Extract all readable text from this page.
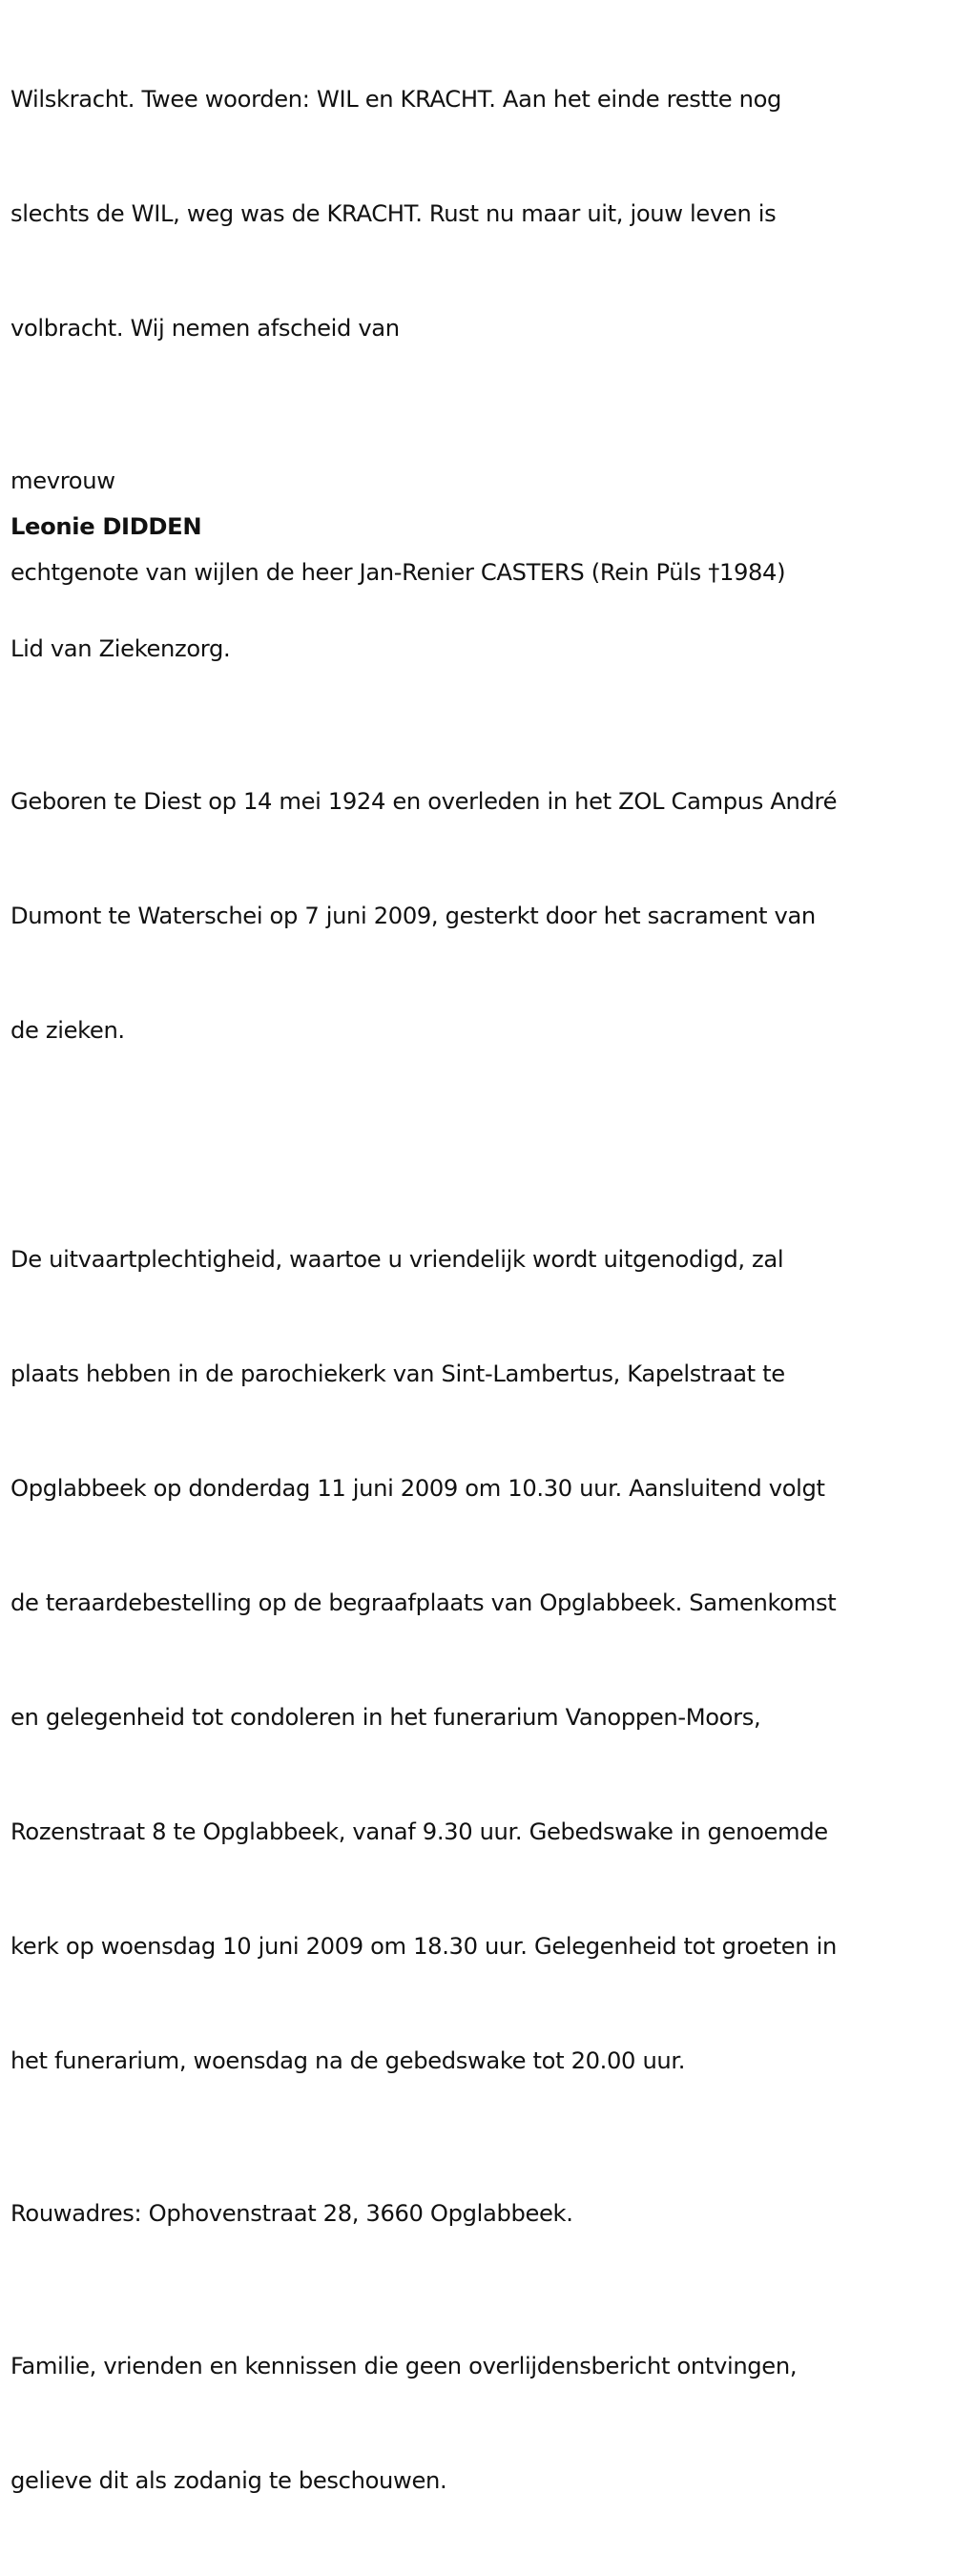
Wilskracht. Twee woorden: WIL en KRACHT. Aan het einde restte nog

slechts de WIL, weg was de KRACHT. Rust nu maar uit, jouw leven is

volbracht. Wij nemen afscheid van

mevrouw
Leonie DIDDEN
echtgenote van wijlen de heer Jan-Renier CASTERS (Rein Püls †1984)
Lid van Ziekenzorg.

Geboren te Diest op 14 mei 1924 en overleden in het ZOL Campus André

Dumont te Waterschei op 7 juni 2009, gesterkt door het sacrament van

de zieken.

De uitvaartplechtigheid, waartoe u vriendelijk wordt uitgenodigd, zal

plaats hebben in de parochiekerk van Sint-Lambertus, Kapelstraat te

Opglabbeek op donderdag 11 juni 2009 om 10.30 uur. Aansluitend volgt

de teraardebestelling op de begraafplaats van Opglabbeek. Samenkomst

en gelegenheid tot condoleren in het funerarium Vanoppen-Moors,

Rozenstraat 8 te Opglabbeek, vanaf 9.30 uur. Gebedswake in genoemde

kerk op woensdag 10 juni 2009 om 18.30 uur. Gelegenheid tot groeten in

het funerarium, woensdag na de gebedswake tot 20.00 uur.

Rouwadres: Ophovenstraat 28, 3660 Opglabbeek.

Familie, vrienden en kennissen die geen overlijdensbericht ontvingen,

gelieve dit als zodanig te beschouwen.
